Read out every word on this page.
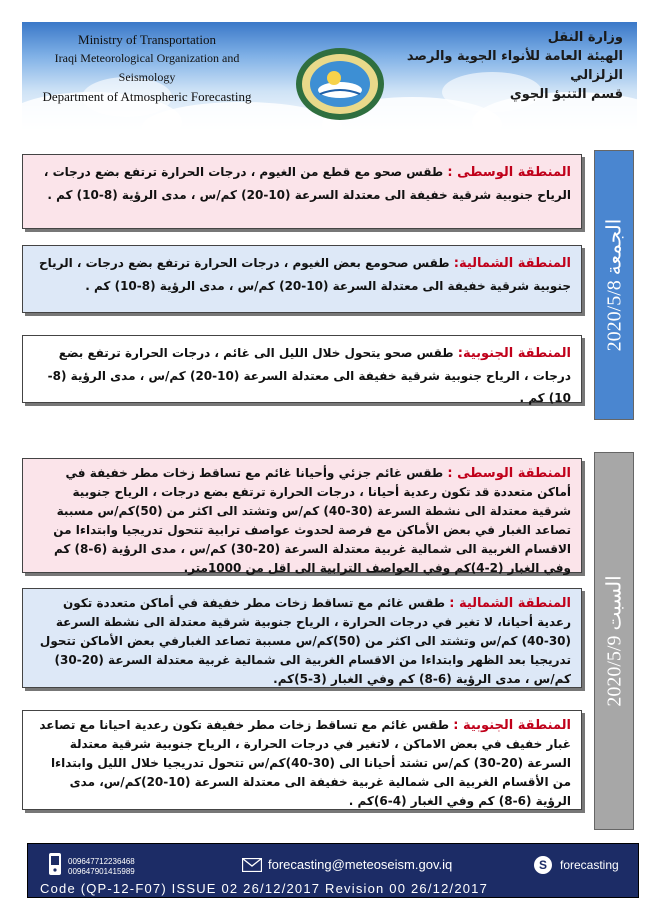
Ministry of Transportation
Iraqi Meteorological Organization and Seismology
Department of Atmospheric Forecasting
وزارة النقل
الهيئة العامة للأنواء الجوية والرصد الزلزالي
قسم التنبؤ الجوي
الجمعة 2020/5/8
المنطقة الوسطى : طقس صحو مع قطع من الغيوم ، درجات الحرارة ترتفع بضع درجات ، الرياح جنوبية شرقية خفيفة الى معتدلة السرعة (10-20) كم/س ، مدى الرؤية (8-10) كم .
المنطقة الشمالية: طقس صحومع بعض الغيوم ، درجات الحرارة ترتفع بضع درجات ، الرياح جنوبية شرقية خفيفة الى معتدلة السرعة (10-20) كم/س ، مدى الرؤية (8-10) كم .
المنطقة الجنوبية: طقس صحو يتحول خلال الليل الى غائم ، درجات الحرارة ترتفع بضع درجات ، الرياح جنوبية شرقية خفيفة الى معتدلة السرعة (10-20) كم/س ، مدى الرؤية (8-10) كم .
السبت 2020/5/9
المنطقة الوسطى : طقس غائم جزئي وأحيانا غائم مع تساقط زخات مطر خفيفة في أماكن متعددة قد تكون رعدية أحيانا ، درجات الحرارة ترتفع بضع درجات ، الرياح جنوبية شرقية معتدلة الى نشطة السرعة (30-40) كم/س وتشتد الى اكثر من (50)كم/س مسببة تصاعد الغبار في بعض الأماكن مع فرصة لحدوث عواصف ترابية تتحول تدريجيا وابتداءا من الاقسام الغربية الى شمالية غربية معتدلة السرعة (20-30) كم/س ، مدى الرؤية (6-8) كم وفي الغبار (2-4)كم وفي العواصف الترابية الى اقل من 1000متر.
المنطقة الشمالية : طقس غائم مع تساقط زخات مطر خفيفة في أماكن متعددة تكون رعدية أحيانا، لا تغير في درجات الحرارة ، الرياح جنوبية شرقية معتدلة الى نشطة السرعة (30-40) كم/س وتشتد الى اكثر من (50)كم/س مسببة تصاعد الغبارفي بعض الأماكن تتحول تدريجيا بعد الظهر وابتداءا من الاقسام الغربية الى شمالية غربية معتدلة السرعة (20-30) كم/س ، مدى الرؤية (6-8) كم وفي الغبار (3-5)كم.
المنطقة الجنوبية : طقس غائم مع تساقط زخات مطر خفيفة تكون رعدية احيانا مع تصاعد غبار خفيف في بعض الاماكن ، لاتغير في درجات الحرارة ، الرياح جنوبية شرقية معتدلة السرعة (20-30) كم/س تشتد أحيانا الى (30-40)كم/س تتحول تدريجيا خلال الليل وابتداءا من الأقسام الغربية الى شمالية غربية خفيفة الى معتدلة السرعة (10-20)كم/س، مدى الرؤية (6-8) كم وفي الغبار (4-6)كم .
009647712236468
009647901415989	forecasting@meteoseism.gov.iq	S	forecasting
Code (QP-12-F07) ISSUE 02 26/12/2017 Revision 00 26/12/2017
